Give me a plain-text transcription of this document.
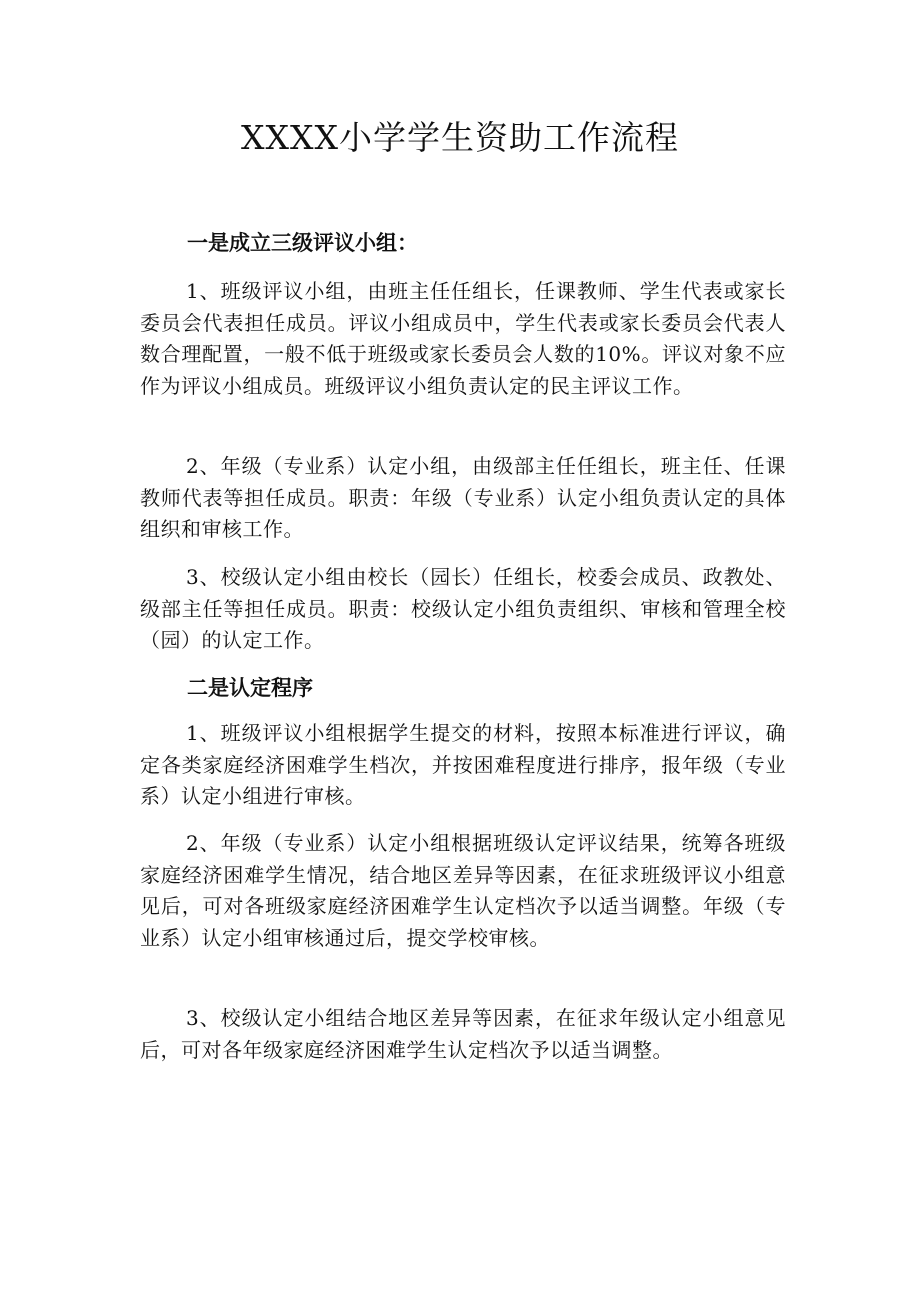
XXXX小学学生资助工作流程
一是成立三级评议小组：

1、班级评议小组，由班主任任组长，任课教师、学生代表或家长委员会代表担任成员。评议小组成员中，学生代表或家长委员会代表人数合理配置，一般不低于班级或家长委员会人数的10%。评议对象不应作为评议小组成员。班级评议小组负责认定的民主评议工作。

2、年级（专业系）认定小组，由级部主任任组长，班主任、任课教师代表等担任成员。职责：年级（专业系）认定小组负责认定的具体组织和审核工作。

3、校级认定小组由校长（园长）任组长，校委会成员、政教处、级部主任等担任成员。职责：校级认定小组负责组织、审核和管理全校（园）的认定工作。

二是认定程序

1、班级评议小组根据学生提交的材料，按照本标准进行评议，确定各类家庭经济困难学生档次，并按困难程度进行排序，报年级（专业系）认定小组进行审核。

2、年级（专业系）认定小组根据班级认定评议结果，统筹各班级家庭经济困难学生情况，结合地区差异等因素，在征求班级评议小组意见后，可对各班级家庭经济困难学生认定档次予以适当调整。年级（专业系）认定小组审核通过后，提交学校审核。

3、校级认定小组结合地区差异等因素，在征求年级认定小组意见后，可对各年级家庭经济困难学生认定档次予以适当调整。
